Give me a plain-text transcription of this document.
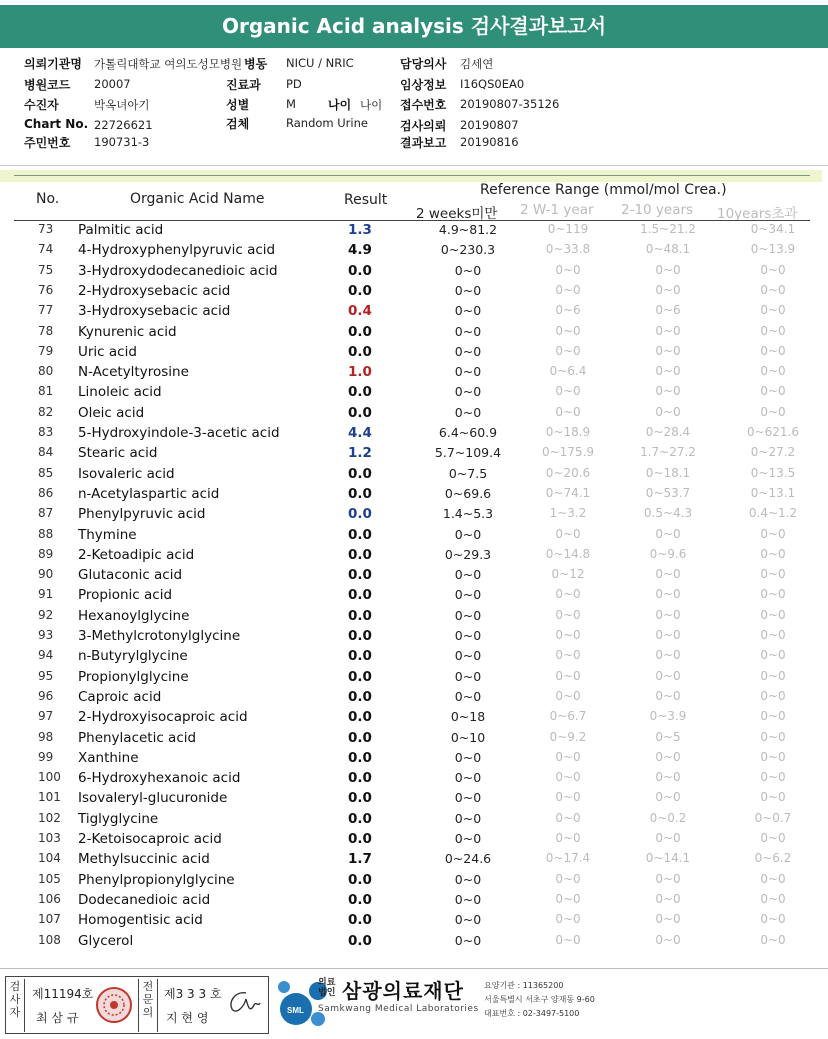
Organic Acid analysis 검사결과보고서
의뢰기관명 가톨릭대학교 여의도성모병원 병동 NICU / NRIC	담당의사 김세연
병원코드 20007	진료과 PD	임상정보 I16QS0EA0
수진자	박옥녀아기	성별	M	나이 나이 접수번호 20190807-35126
Chart No. 22726621	검체	Random Urine	검사의뢰 20190807
주민번호 190731-3	결과보고 20190816
No.	Organic Acid Name	Result
Reference Range (mmol/mol Crea.)
2 weeks미만 2 W-1 year 2-10 years 10years초과
73 Palmitic acid	1.3	4.9~81.2	0~119	1.5~21.2	0~34.1
74 4-Hydroxyphenylpyruvic acid	4.9	0~230.3	0~33.8	0~48.1	0~13.9
75 3-Hydroxydodecanedioic acid	0.0	0~0	0~0	0~0	0~0
76 2-Hydroxysebacic acid	0.0	0~0	0~0	0~0	0~0
77 3-Hydroxysebacic acid	0.4	0~0	0~6	0~6	0~0
78 Kynurenic acid	0.0	0~0	0~0	0~0	0~0
79 Uric acid	0.0	0~0	0~0	0~0	0~0
80 N-Acetyltyrosine	1.0	0~0	0~6.4	0~0	0~0
81 Linoleic acid	0.0	0~0	0~0	0~0	0~0
82 Oleic acid	0.0	0~0	0~0	0~0	0~0
83 5-Hydroxyindole-3-acetic acid	4.4	6.4~60.9	0~18.9	0~28.4	0~621.6
84 Stearic acid	1.2	5.7~109.4	0~175.9	1.7~27.2	0~27.2
85 Isovaleric acid	0.0	0~7.5	0~20.6	0~18.1	0~13.5
86 n-Acetylaspartic acid	0.0	0~69.6	0~74.1	0~53.7	0~13.1
87 Phenylpyruvic acid	0.0	1.4~5.3	1~3.2	0.5~4.3	0.4~1.2
88 Thymine	0.0	0~0	0~0	0~0	0~0
89 2-Ketoadipic acid	0.0	0~29.3	0~14.8	0~9.6	0~0
90 Glutaconic acid	0.0	0~0	0~12	0~0	0~0
91 Propionic acid	0.0	0~0	0~0	0~0	0~0
92 Hexanoylglycine	0.0	0~0	0~0	0~0	0~0
93 3-Methylcrotonylglycine	0.0	0~0	0~0	0~0	0~0
94 n-Butyrylglycine	0.0	0~0	0~0	0~0	0~0
95 Propionylglycine	0.0	0~0	0~0	0~0	0~0
96 Caproic acid	0.0	0~0	0~0	0~0	0~0
97 2-Hydroxyisocaproic acid	0.0	0~18	0~6.7	0~3.9	0~0
98 Phenylacetic acid	0.0	0~10	0~9.2	0~5	0~0
99 Xanthine	0.0	0~0	0~0	0~0	0~0
100 6-Hydroxyhexanoic acid	0.0	0~0	0~0	0~0	0~0
101 Isovaleryl-glucuronide	0.0	0~0	0~0	0~0	0~0
102 Tiglyglycine	0.0	0~0	0~0	0~0.2	0~0.7
103 2-Ketoisocaproic acid	0.0	0~0	0~0	0~0	0~0
104 Methylsuccinic acid	1.7	0~24.6	0~17.4	0~14.1	0~6.2
105 Phenylpropionylglycine	0.0	0~0	0~0	0~0	0~0
106 Dodecanedioic acid	0.0	0~0	0~0	0~0	0~0
107 Homogentisic acid	0.0	0~0	0~0	0~0	0~0
108 Glycerol	0.0	0~0	0~0	0~0	0~0
검사자
제11194호
최 삼 규
전문의
제3 3 3 호
지 현 영
SML
의료법인 삼광의료재단
Samkwang Medical Laboratories
요양기관 : 11365200
서울특별시 서초구 양재동 9-60
대표번호 : 02-3497-5100
